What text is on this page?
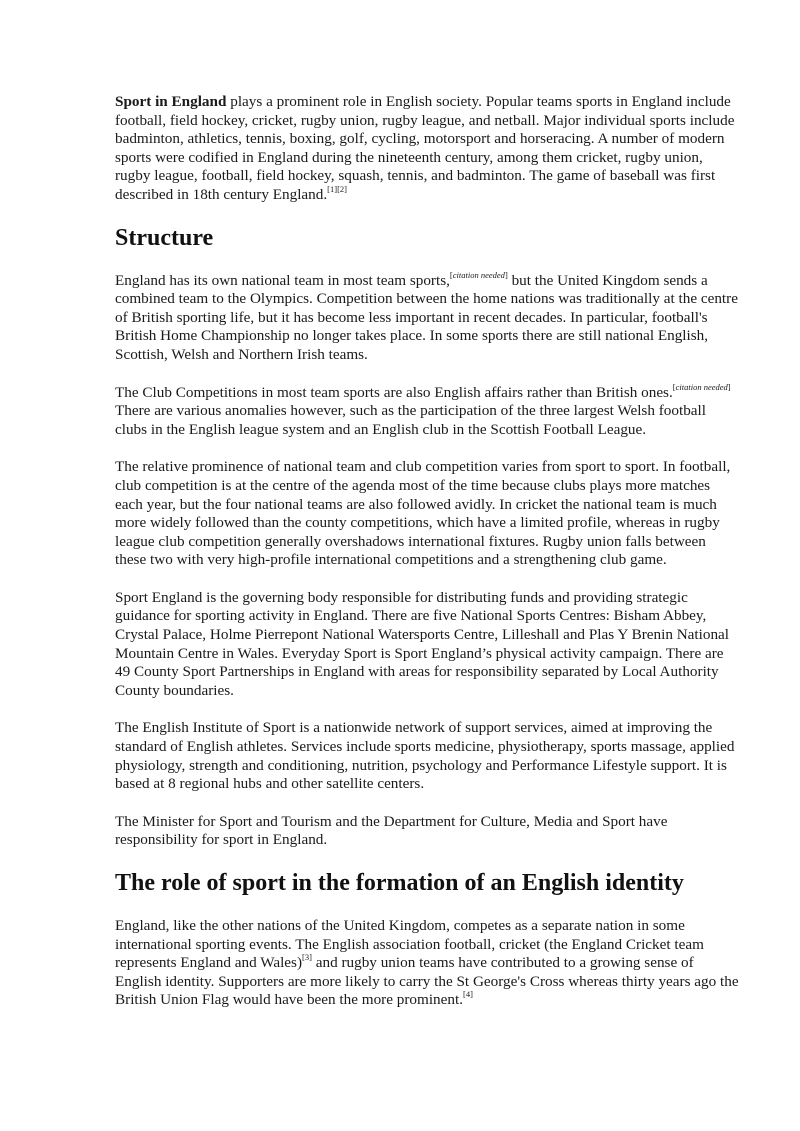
Sport in England plays a prominent role in English society. Popular teams sports in England include football, field hockey, cricket, rugby union, rugby league, and netball. Major individual sports include badminton, athletics, tennis, boxing, golf, cycling, motorsport and horseracing. A number of modern sports were codified in England during the nineteenth century, among them cricket, rugby union, rugby league, football, field hockey, squash, tennis, and badminton. The game of baseball was first described in 18th century England.[1][2]

Structure

England has its own national team in most team sports,[citation needed] but the United Kingdom sends a combined team to the Olympics. Competition between the home nations was traditionally at the centre of British sporting life, but it has become less important in recent decades. In particular, football's British Home Championship no longer takes place. In some sports there are still national English, Scottish, Welsh and Northern Irish teams.

The Club Competitions in most team sports are also English affairs rather than British ones.[citation needed] There are various anomalies however, such as the participation of the three largest Welsh football clubs in the English league system and an English club in the Scottish Football League.

The relative prominence of national team and club competition varies from sport to sport. In football, club competition is at the centre of the agenda most of the time because clubs plays more matches each year, but the four national teams are also followed avidly. In cricket the national team is much more widely followed than the county competitions, which have a limited profile, whereas in rugby league club competition generally overshadows international fixtures. Rugby union falls between these two with very high-profile international competitions and a strengthening club game.

Sport England is the governing body responsible for distributing funds and providing strategic guidance for sporting activity in England. There are five National Sports Centres: Bisham Abbey, Crystal Palace, Holme Pierrepont National Watersports Centre, Lilleshall and Plas Y Brenin National Mountain Centre in Wales. Everyday Sport is Sport England’s physical activity campaign. There are 49 County Sport Partnerships in England with areas for responsibility separated by Local Authority County boundaries.

The English Institute of Sport is a nationwide network of support services, aimed at improving the standard of English athletes. Services include sports medicine, physiotherapy, sports massage, applied physiology, strength and conditioning, nutrition, psychology and Performance Lifestyle support. It is based at 8 regional hubs and other satellite centers.

The Minister for Sport and Tourism and the Department for Culture, Media and Sport have responsibility for sport in England.

The role of sport in the formation of an English identity

England, like the other nations of the United Kingdom, competes as a separate nation in some international sporting events. The English association football, cricket (the England Cricket team represents England and Wales)[3] and rugby union teams have contributed to a growing sense of English identity. Supporters are more likely to carry the St George's Cross whereas thirty years ago the British Union Flag would have been the more prominent.[4]
